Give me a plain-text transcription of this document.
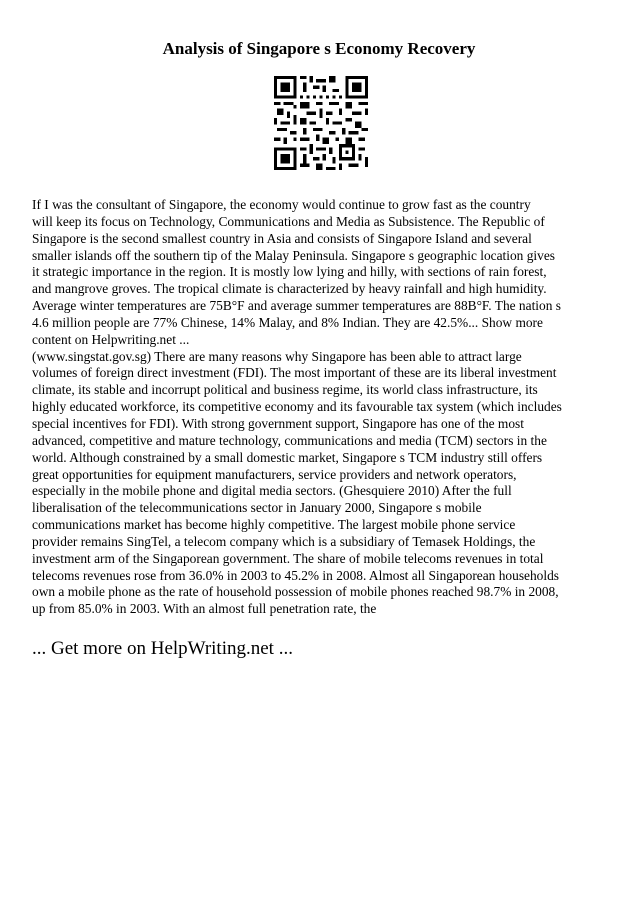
Analysis of Singapore s Economy Recovery
If I was the consultant of Singapore, the economy would continue to grow fast as the country
will keep its focus on Technology, Communications and Media as Subsistence. The Republic of
Singapore is the second smallest country in Asia and consists of Singapore Island and several
smaller islands off the southern tip of the Malay Peninsula. Singapore s geographic location gives
it strategic importance in the region. It is mostly low lying and hilly, with sections of rain forest,
and mangrove groves. The tropical climate is characterized by heavy rainfall and high humidity.
Average winter temperatures are 75B°F and average summer temperatures are 88B°F. The nation s
4.6 million people are 77% Chinese, 14% Malay, and 8% Indian. They are 42.5%... Show more
content on Helpwriting.net ...
(www.singstat.gov.sg) There are many reasons why Singapore has been able to attract large
volumes of foreign direct investment (FDI). The most important of these are its liberal investment
climate, its stable and incorrupt political and business regime, its world class infrastructure, its
highly educated workforce, its competitive economy and its favourable tax system (which includes
special incentives for FDI). With strong government support, Singapore has one of the most
advanced, competitive and mature technology, communications and media (TCM) sectors in the
world. Although constrained by a small domestic market, Singapore s TCM industry still offers
great opportunities for equipment manufacturers, service providers and network operators,
especially in the mobile phone and digital media sectors. (Ghesquiere 2010) After the full
liberalisation of the telecommunications sector in January 2000, Singapore s mobile
communications market has become highly competitive. The largest mobile phone service
provider remains SingTel, a telecom company which is a subsidiary of Temasek Holdings, the
investment arm of the Singaporean government. The share of mobile telecoms revenues in total
telecoms revenues rose from 36.0% in 2003 to 45.2% in 2008. Almost all Singaporean households
own a mobile phone as the rate of household possession of mobile phones reached 98.7% in 2008,
up from 85.0% in 2003. With an almost full penetration rate, the
... Get more on HelpWriting.net ...
